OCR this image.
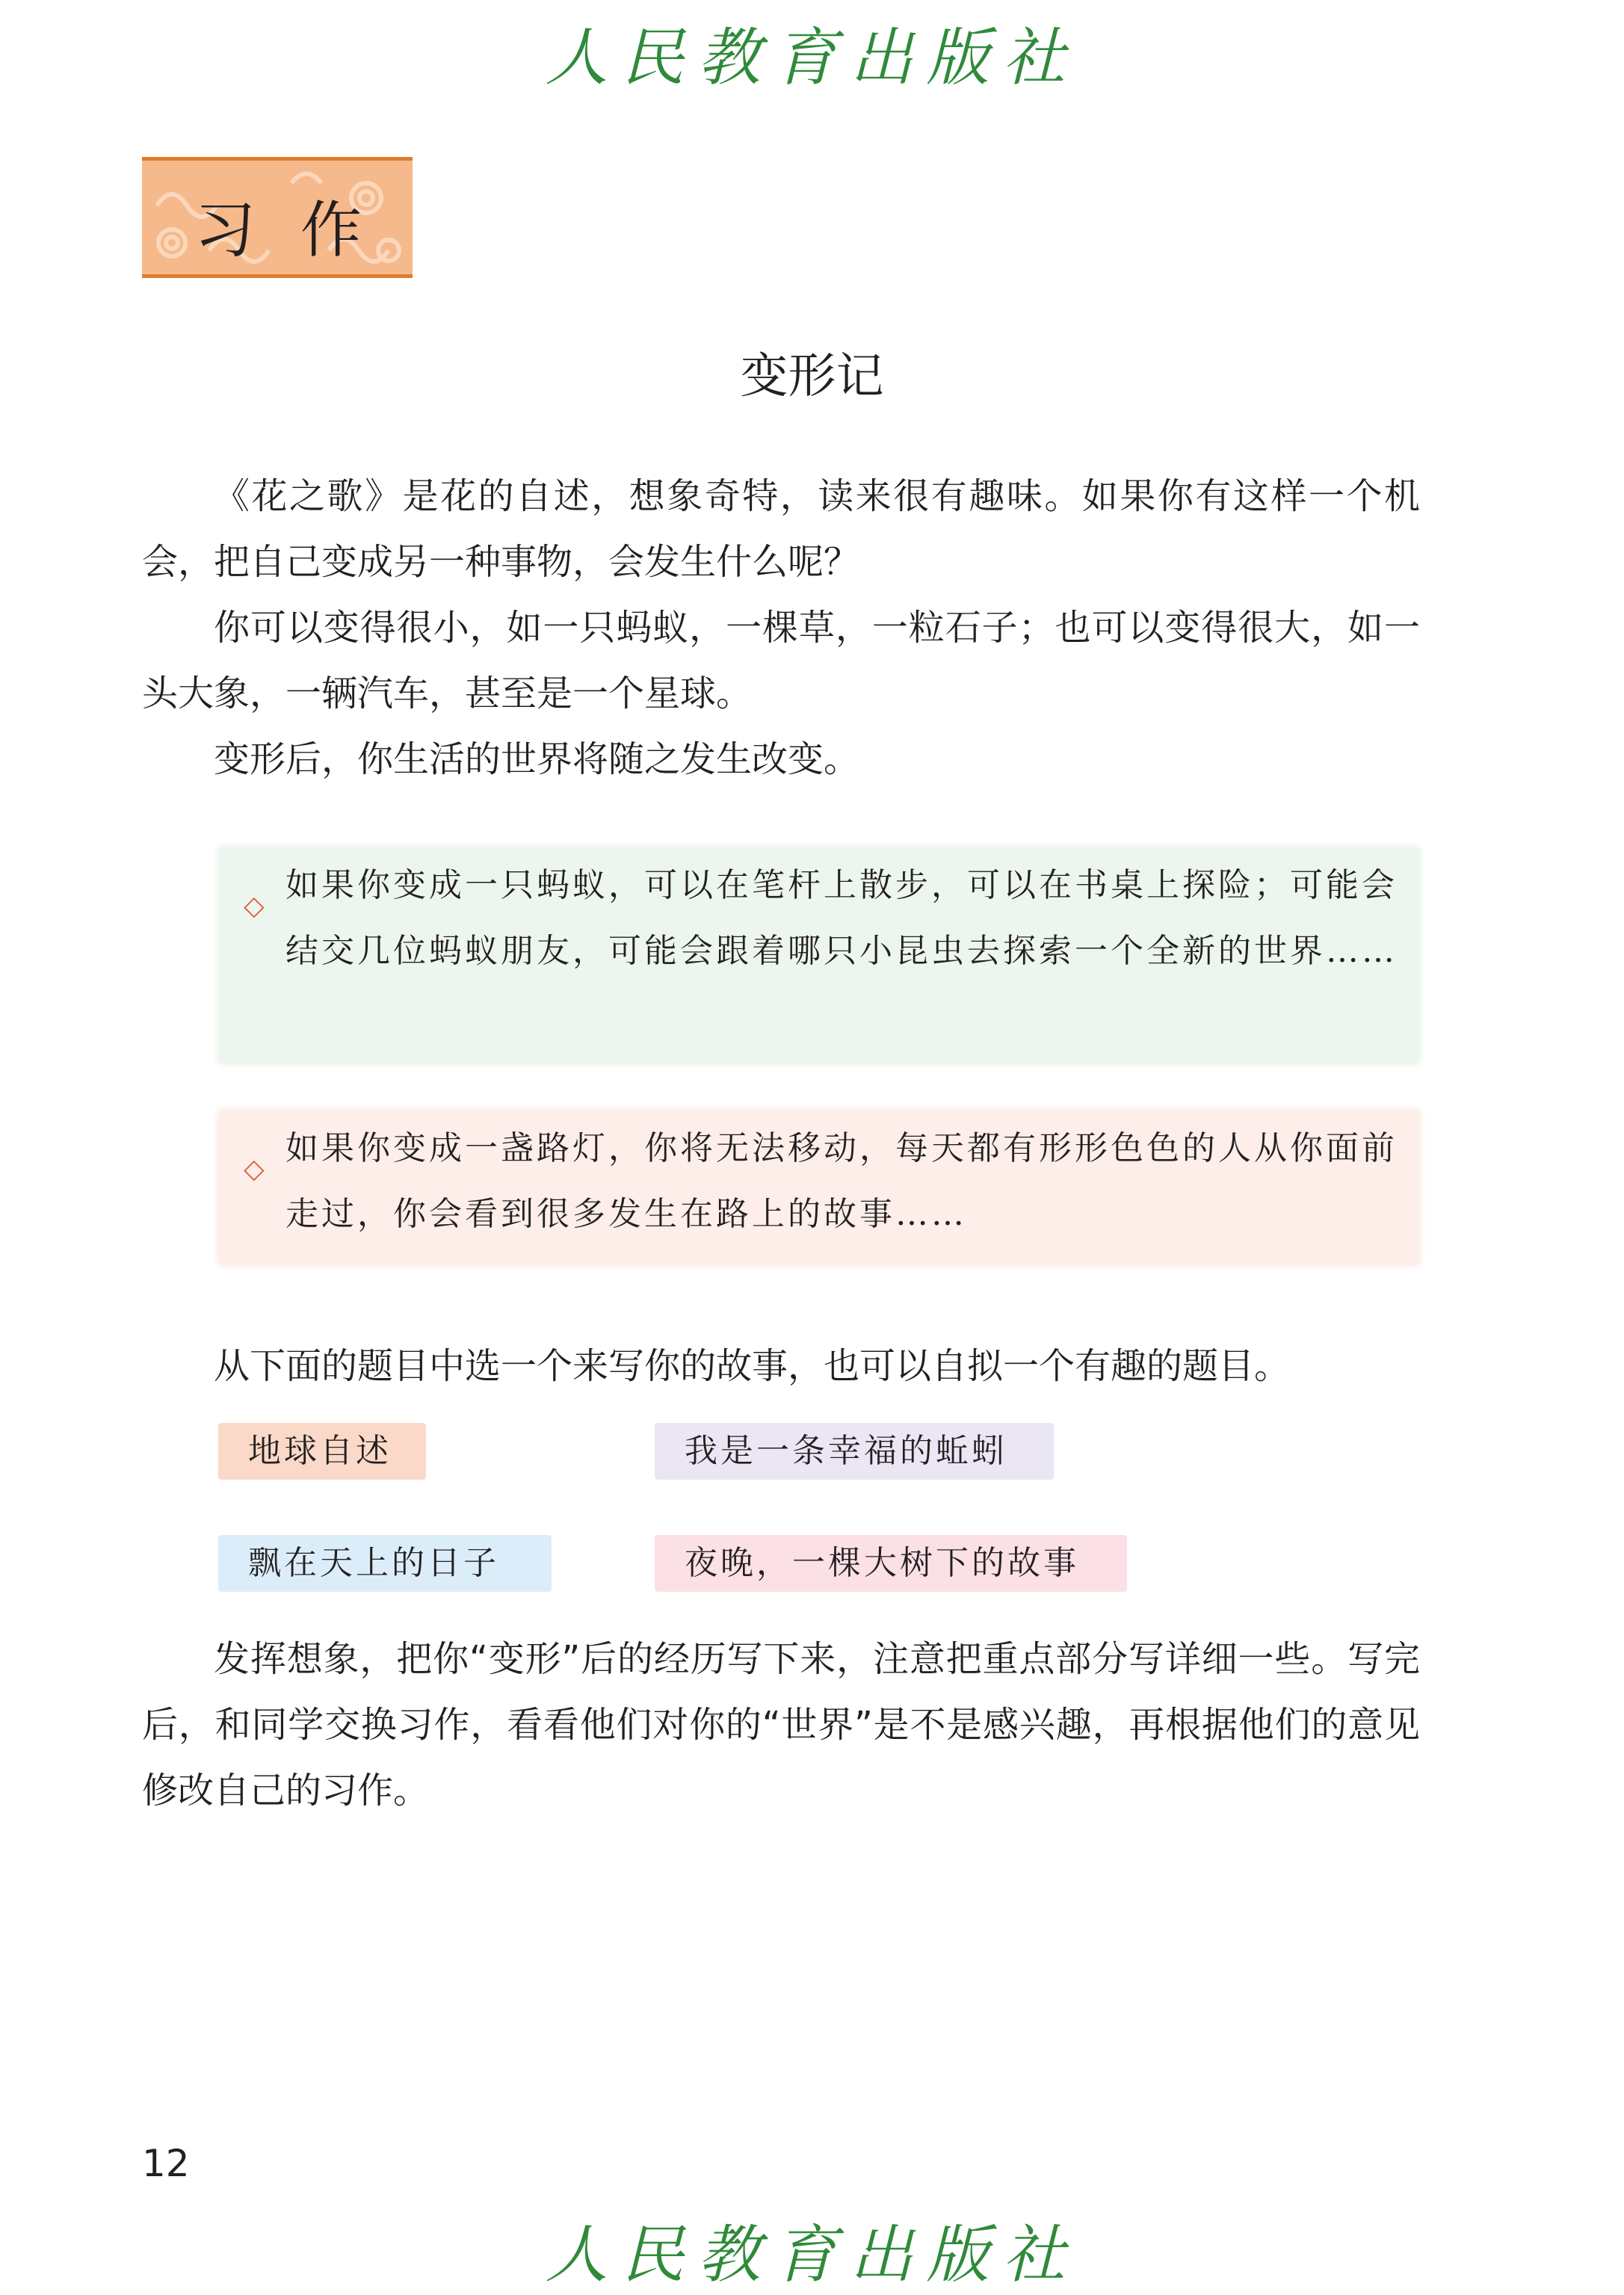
人民教育出版社
习作
变形记

《花之歌》是花的自述，想象奇特，读来很有趣味。如果你有这样一个机会，把自己变成另一种事物，会发生什么呢？

你可以变得很小，如一只蚂蚁，一棵草，一粒石子；也可以变得很大，如一头大象，一辆汽车，甚至是一个星球。

变形后，你生活的世界将随之发生改变。

◇
如果你变成一只蚂蚁，可以在笔杆上散步，可以在书桌上探险；可能会结交几位蚂蚁朋友，可能会跟着哪只小昆虫去探索一个全新的世界……
◇
如果你变成一盏路灯，你将无法移动，每天都有形形色色的人从你面前走过，你会看到很多发生在路上的故事……

从下面的题目中选一个来写你的故事，也可以自拟一个有趣的题目。

地球自述	我是一条幸福的蚯蚓
飘在天上的日子	夜晚，一棵大树下的故事

发挥想象，把你“变形”后的经历写下来，注意把重点部分写详细一些。写完后，和同学交换习作，看看他们对你的“世界”是不是感兴趣，再根据他们的意见修改自己的习作。

12
人民教育出版社
